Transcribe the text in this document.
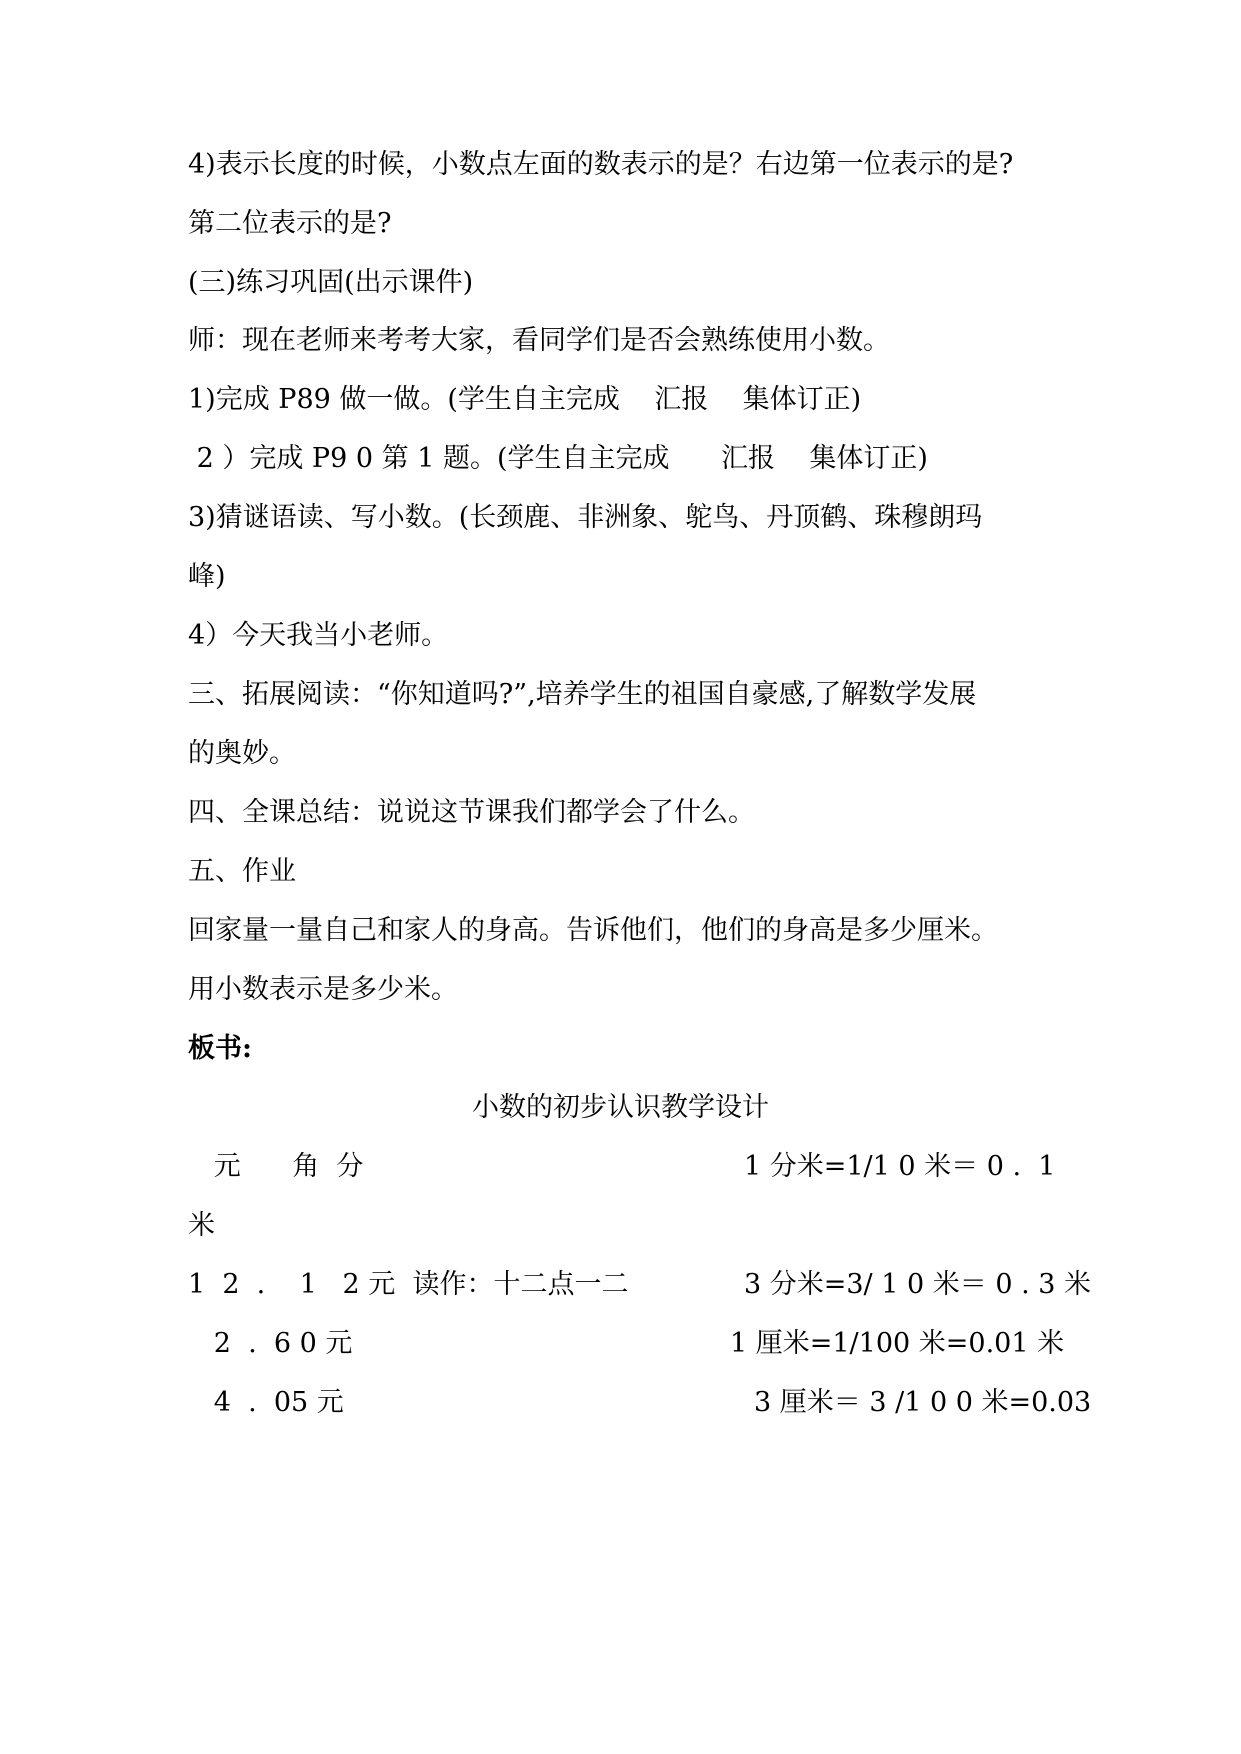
4)表示长度的时候，小数点左面的数表示的是？右边第一位表示的是?
第二位表示的是?
(三)练习巩固(出示课件)
师：现在老师来考考大家，看同学们是否会熟练使用小数。
1)完成 P89 做一做。(学生自主完成    汇报    集体订正)
2 ）完成 P9 0 第 1 题。(学生自主完成      汇报    集体订正)
3)猜谜语读、写小数。(长颈鹿、非洲象、鸵鸟、丹顶鹤、珠穆朗玛
峰)
4）今天我当小老师。
三、拓展阅读：“你知道吗?”,培养学生的祖国自豪感,了解数学发展
的奥妙。
四、全课总结：说说这节课我们都学会了什么。
五、作业
回家量一量自己和家人的身高。告诉他们，他们的身高是多少厘米。
用小数表示是多少米。
板书:
小数的初步认识教学设计
元      角  分	1 分米=1/1 0 米＝ 0 .  1
米
1  2  .    1   2 元  读作：十二点一二	3 分米=3/ 1 0 米＝ 0 . 3 米
2  .  6 0 元	1 厘米=1/100 米=0.01 米
4  .  05 元	3 厘米＝ 3 /1 0 0 米=0.03
